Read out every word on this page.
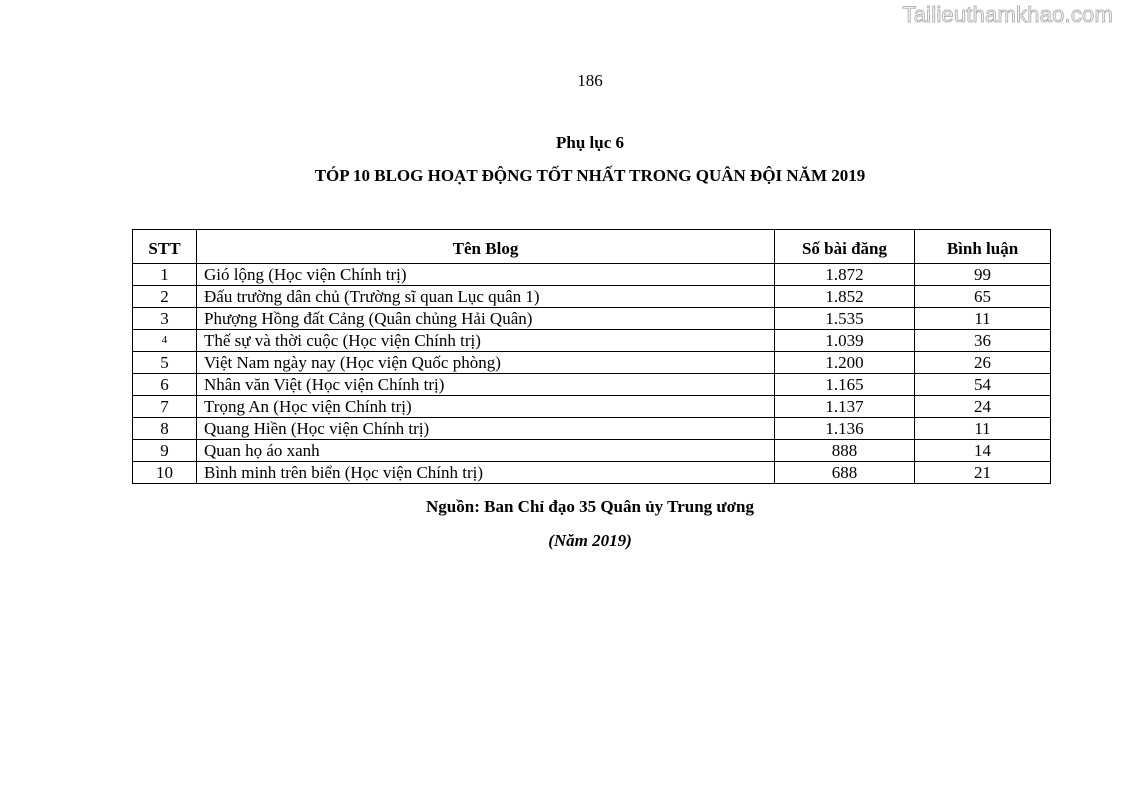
Tailieuthamkhao.com
186
Phụ lục 6
TÓP 10 BLOG HOẠT ĐỘNG TỐT NHẤT TRONG QUÂN ĐỘI NĂM 2019
STT	Tên Blog	Số bài đăng	Bình luận
1	Gió lộng (Học viện Chính trị)	1.872	99
2	Đấu trường dân chủ (Trường sĩ quan Lục quân 1)	1.852	65
3	Phượng Hồng đất Cảng (Quân chủng Hải Quân)	1.535	11
4	Thế sự và thời cuộc (Học viện Chính trị)	1.039	36
5	Việt Nam ngày nay (Học viện Quốc phòng)	1.200	26
6	Nhân văn Việt (Học viện Chính trị)	1.165	54
7	Trọng An (Học viện Chính trị)	1.137	24
8	Quang Hiền (Học viện Chính trị)	1.136	11
9	Quan họ áo xanh	888	14
10	Bình minh trên biển (Học viện Chính trị)	688	21
Nguồn: Ban Chỉ đạo 35 Quân ủy Trung ương
(Năm 2019)
